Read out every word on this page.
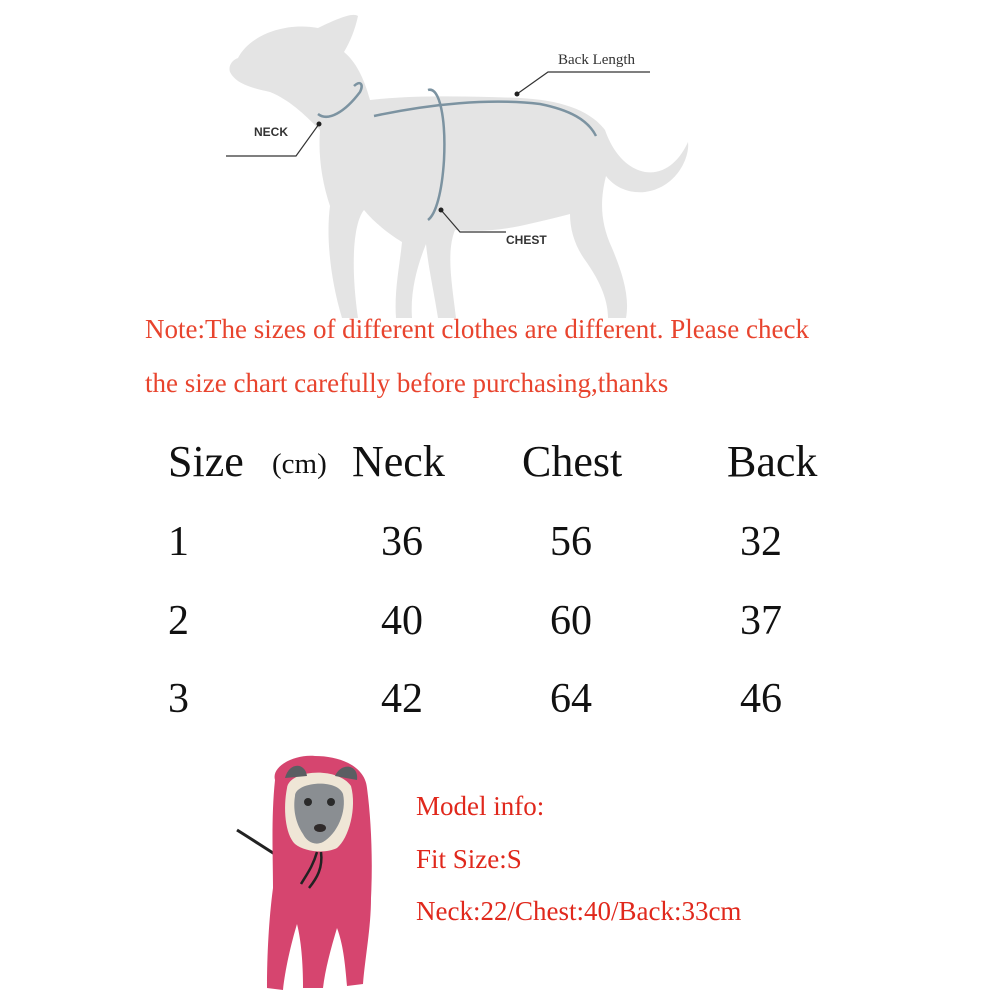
Back Length
NECK
CHEST
Note:The sizes of different clothes are different. Please check
the size chart carefully before purchasing,thanks
Size (cm) Neck Chest Back
1	36	56	32
2	40	60	37
3	42	64	46
Model info:
Fit Size:S
Neck:22/Chest:40/Back:33cm
